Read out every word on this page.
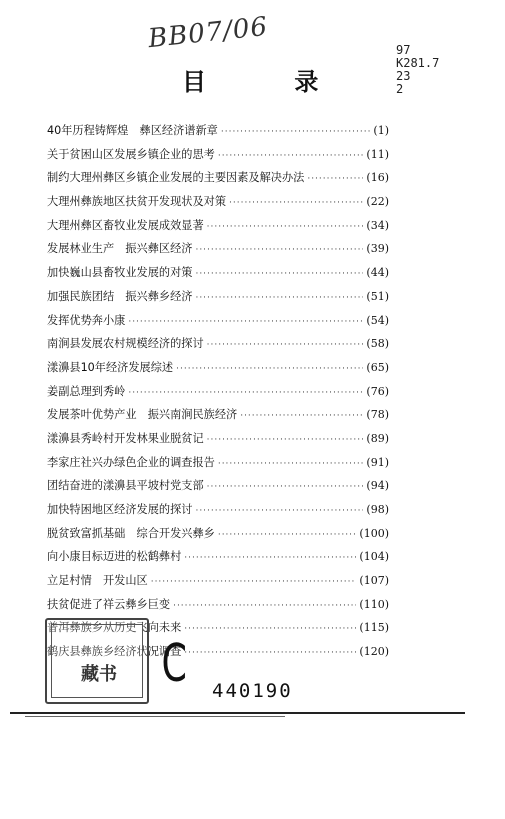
BB07/06	97
K281.7
23
2
目 录
40年历程铸辉煌　彝区经济谱新章 ·····	(1)
关于贫困山区发展乡镇企业的思考 ·····	(11)
制约大理州彝区乡镇企业发展的主要因素及解决办法 ·····	(16)
大理州彝族地区扶贫开发现状及对策 ·····	(22)
大理州彝区畜牧业发展成效显著 ·····	(34)
发展林业生产　振兴彝区经济 ·····	(39)
加快巍山县畜牧业发展的对策 ·····	(44)
加强民族团结　振兴彝乡经济 ·····	(51)
发挥优势奔小康 ·····	(54)
南涧县发展农村规模经济的探讨 ·····	(58)
漾濞县10年经济发展综述 ·····	(65)
姜副总理到秀岭 ·····	(76)
发展茶叶优势产业　振兴南涧民族经济 ·····	(78)
漾濞县秀岭村开发林果业脱贫记 ·····	(89)
李家庄社兴办绿色企业的调查报告 ·····	(91)
团结奋进的漾濞县平坡村党支部 ·····	(94)
加快特困地区经济发展的探讨 ·····	(98)
脱贫致富抓基础　综合开发兴彝乡 ·····	(100)
向小康目标迈进的松鹤彝村 ·····	(104)
立足村情　开发山区 ·····	(107)
扶贫促进了祥云彝乡巨变 ·····	(110)
普洱彝族乡从历史飞向未来 ·····	(115)
鹤庆县彝族乡经济状况调查 ·····	(120)
藏书 C 440190
